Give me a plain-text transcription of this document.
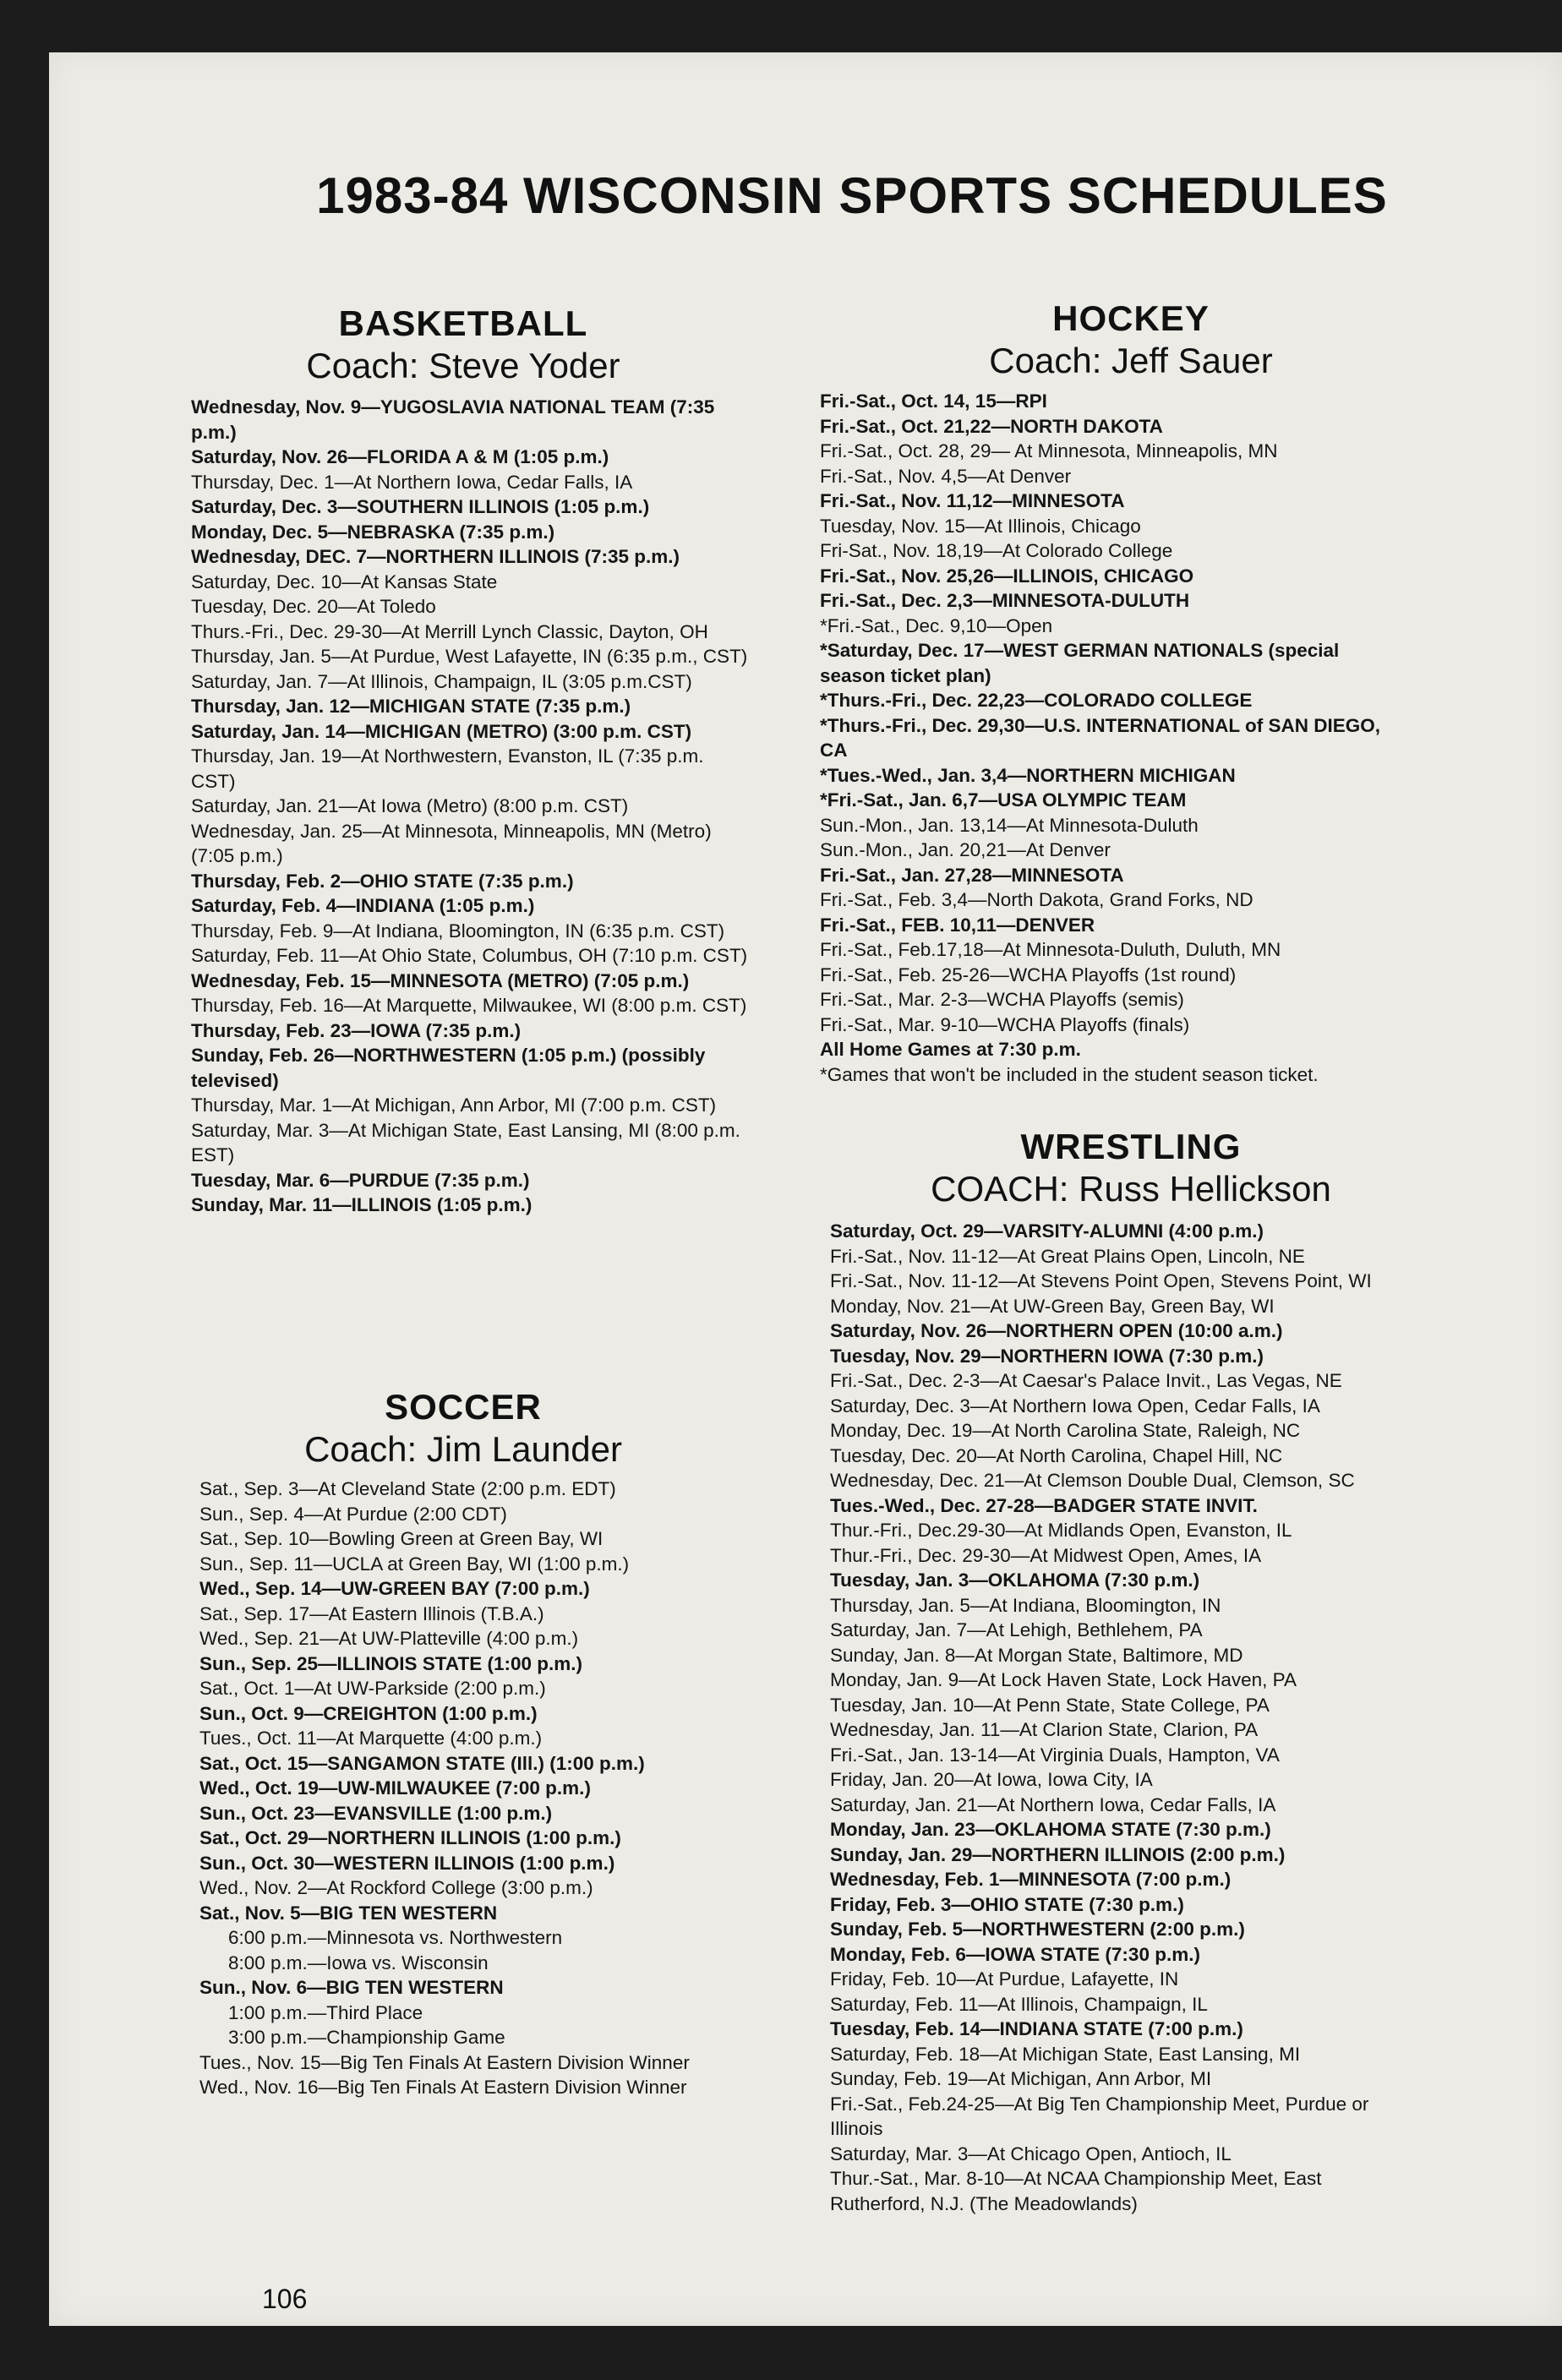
1983-84 WISCONSIN SPORTS SCHEDULES
BASKETBALL
Coach: Steve Yoder
Wednesday, Nov. 9—YUGOSLAVIA NATIONAL TEAM (7:35 p.m.)
Saturday, Nov. 26—FLORIDA A & M (1:05 p.m.)
Thursday, Dec. 1—At Northern Iowa, Cedar Falls, IA
Saturday, Dec. 3—SOUTHERN ILLINOIS (1:05 p.m.)
Monday, Dec. 5—NEBRASKA (7:35 p.m.)
Wednesday, DEC. 7—NORTHERN ILLINOIS (7:35 p.m.)
Saturday, Dec. 10—At Kansas State
Tuesday, Dec. 20—At Toledo
Thurs.-Fri., Dec. 29-30—At Merrill Lynch Classic, Dayton, OH
Thursday, Jan. 5—At Purdue, West Lafayette, IN (6:35 p.m., CST)
Saturday, Jan. 7—At Illinois, Champaign, IL (3:05 p.m.CST)
Thursday, Jan. 12—MICHIGAN STATE (7:35 p.m.)
Saturday, Jan. 14—MICHIGAN (METRO) (3:00 p.m. CST)
Thursday, Jan. 19—At Northwestern, Evanston, IL (7:35 p.m. CST)
Saturday, Jan. 21—At Iowa (Metro) (8:00 p.m. CST)
Wednesday, Jan. 25—At Minnesota, Minneapolis, MN (Metro) (7:05 p.m.)
Thursday, Feb. 2—OHIO STATE (7:35 p.m.)
Saturday, Feb. 4—INDIANA (1:05 p.m.)
Thursday, Feb. 9—At Indiana, Bloomington, IN (6:35 p.m. CST)
Saturday, Feb. 11—At Ohio State, Columbus, OH (7:10 p.m. CST)
Wednesday, Feb. 15—MINNESOTA (METRO) (7:05 p.m.)
Thursday, Feb. 16—At Marquette, Milwaukee, WI (8:00 p.m. CST)
Thursday, Feb. 23—IOWA (7:35 p.m.)
Sunday, Feb. 26—NORTHWESTERN (1:05 p.m.) (possibly televised)
Thursday, Mar. 1—At Michigan, Ann Arbor, MI (7:00 p.m. CST)
Saturday, Mar. 3—At Michigan State, East Lansing, MI (8:00 p.m. EST)
Tuesday, Mar. 6—PURDUE (7:35 p.m.)
Sunday, Mar. 11—ILLINOIS (1:05 p.m.)
SOCCER
Coach: Jim Launder
Sat., Sep. 3—At Cleveland State (2:00 p.m. EDT)
Sun., Sep. 4—At Purdue (2:00 CDT)
Sat., Sep. 10—Bowling Green at Green Bay, WI
Sun., Sep. 11—UCLA at Green Bay, WI (1:00 p.m.)
Wed., Sep. 14—UW-GREEN BAY (7:00 p.m.)
Sat., Sep. 17—At Eastern Illinois (T.B.A.)
Wed., Sep. 21—At UW-Platteville (4:00 p.m.)
Sun., Sep. 25—ILLINOIS STATE (1:00 p.m.)
Sat., Oct. 1—At UW-Parkside (2:00 p.m.)
Sun., Oct. 9—CREIGHTON (1:00 p.m.)
Tues., Oct. 11—At Marquette (4:00 p.m.)
Sat., Oct. 15—SANGAMON STATE (Ill.) (1:00 p.m.)
Wed., Oct. 19—UW-MILWAUKEE (7:00 p.m.)
Sun., Oct. 23—EVANSVILLE (1:00 p.m.)
Sat., Oct. 29—NORTHERN ILLINOIS (1:00 p.m.)
Sun., Oct. 30—WESTERN ILLINOIS (1:00 p.m.)
Wed., Nov. 2—At Rockford College (3:00 p.m.)
Sat., Nov. 5—BIG TEN WESTERN
6:00 p.m.—Minnesota vs. Northwestern
8:00 p.m.—Iowa vs. Wisconsin
Sun., Nov. 6—BIG TEN WESTERN
1:00 p.m.—Third Place
3:00 p.m.—Championship Game
Tues., Nov. 15—Big Ten Finals At Eastern Division Winner
Wed., Nov. 16—Big Ten Finals At Eastern Division Winner
HOCKEY
Coach: Jeff Sauer
Fri.-Sat., Oct. 14, 15—RPI
Fri.-Sat., Oct. 21,22—NORTH DAKOTA
Fri.-Sat., Oct. 28, 29— At Minnesota, Minneapolis, MN
Fri.-Sat., Nov. 4,5—At Denver
Fri.-Sat., Nov. 11,12—MINNESOTA
Tuesday, Nov. 15—At Illinois, Chicago
Fri-Sat., Nov. 18,19—At Colorado College
Fri.-Sat., Nov. 25,26—ILLINOIS, CHICAGO
Fri.-Sat., Dec. 2,3—MINNESOTA-DULUTH
*Fri.-Sat., Dec. 9,10—Open
*Saturday, Dec. 17—WEST GERMAN NATIONALS (special season ticket plan)
*Thurs.-Fri., Dec. 22,23—COLORADO COLLEGE
*Thurs.-Fri., Dec. 29,30—U.S. INTERNATIONAL of SAN DIEGO, CA
*Tues.-Wed., Jan. 3,4—NORTHERN MICHIGAN
*Fri.-Sat., Jan. 6,7—USA OLYMPIC TEAM
Sun.-Mon., Jan. 13,14—At Minnesota-Duluth
Sun.-Mon., Jan. 20,21—At Denver
Fri.-Sat., Jan. 27,28—MINNESOTA
Fri.-Sat., Feb. 3,4—North Dakota, Grand Forks, ND
Fri.-Sat., FEB. 10,11—DENVER
Fri.-Sat., Feb.17,18—At Minnesota-Duluth, Duluth, MN
Fri.-Sat., Feb. 25-26—WCHA Playoffs (1st round)
Fri.-Sat., Mar. 2-3—WCHA Playoffs (semis)
Fri.-Sat., Mar. 9-10—WCHA Playoffs (finals)
All Home Games at 7:30 p.m.
*Games that won't be included in the student season ticket.
WRESTLING
COACH: Russ Hellickson
Saturday, Oct. 29—VARSITY-ALUMNI (4:00 p.m.)
Fri.-Sat., Nov. 11-12—At Great Plains Open, Lincoln, NE
Fri.-Sat., Nov. 11-12—At Stevens Point Open, Stevens Point, WI
Monday, Nov. 21—At UW-Green Bay, Green Bay, WI
Saturday, Nov. 26—NORTHERN OPEN (10:00 a.m.)
Tuesday, Nov. 29—NORTHERN IOWA (7:30 p.m.)
Fri.-Sat., Dec. 2-3—At Caesar's Palace Invit., Las Vegas, NE
Saturday, Dec. 3—At Northern Iowa Open, Cedar Falls, IA
Monday, Dec. 19—At North Carolina State, Raleigh, NC
Tuesday, Dec. 20—At North Carolina, Chapel Hill, NC
Wednesday, Dec. 21—At Clemson Double Dual, Clemson, SC
Tues.-Wed., Dec. 27-28—BADGER STATE INVIT.
Thur.-Fri., Dec.29-30—At Midlands Open, Evanston, IL
Thur.-Fri., Dec. 29-30—At Midwest Open, Ames, IA
Tuesday, Jan. 3—OKLAHOMA (7:30 p.m.)
Thursday, Jan. 5—At Indiana, Bloomington, IN
Saturday, Jan. 7—At Lehigh, Bethlehem, PA
Sunday, Jan. 8—At Morgan State, Baltimore, MD
Monday, Jan. 9—At Lock Haven State, Lock Haven, PA
Tuesday, Jan. 10—At Penn State, State College, PA
Wednesday, Jan. 11—At Clarion State, Clarion, PA
Fri.-Sat., Jan. 13-14—At Virginia Duals, Hampton, VA
Friday, Jan. 20—At Iowa, Iowa City, IA
Saturday, Jan. 21—At Northern Iowa, Cedar Falls, IA
Monday, Jan. 23—OKLAHOMA STATE (7:30 p.m.)
Sunday, Jan. 29—NORTHERN ILLINOIS (2:00 p.m.)
Wednesday, Feb. 1—MINNESOTA (7:00 p.m.)
Friday, Feb. 3—OHIO STATE (7:30 p.m.)
Sunday, Feb. 5—NORTHWESTERN (2:00 p.m.)
Monday, Feb. 6—IOWA STATE (7:30 p.m.)
Friday, Feb. 10—At Purdue, Lafayette, IN
Saturday, Feb. 11—At Illinois, Champaign, IL
Tuesday, Feb. 14—INDIANA STATE (7:00 p.m.)
Saturday, Feb. 18—At Michigan State, East Lansing, MI
Sunday, Feb. 19—At Michigan, Ann Arbor, MI
Fri.-Sat., Feb.24-25—At Big Ten Championship Meet, Purdue or Illinois
Saturday, Mar. 3—At Chicago Open, Antioch, IL
Thur.-Sat., Mar. 8-10—At NCAA Championship Meet, East Rutherford, N.J. (The Meadowlands)
106
